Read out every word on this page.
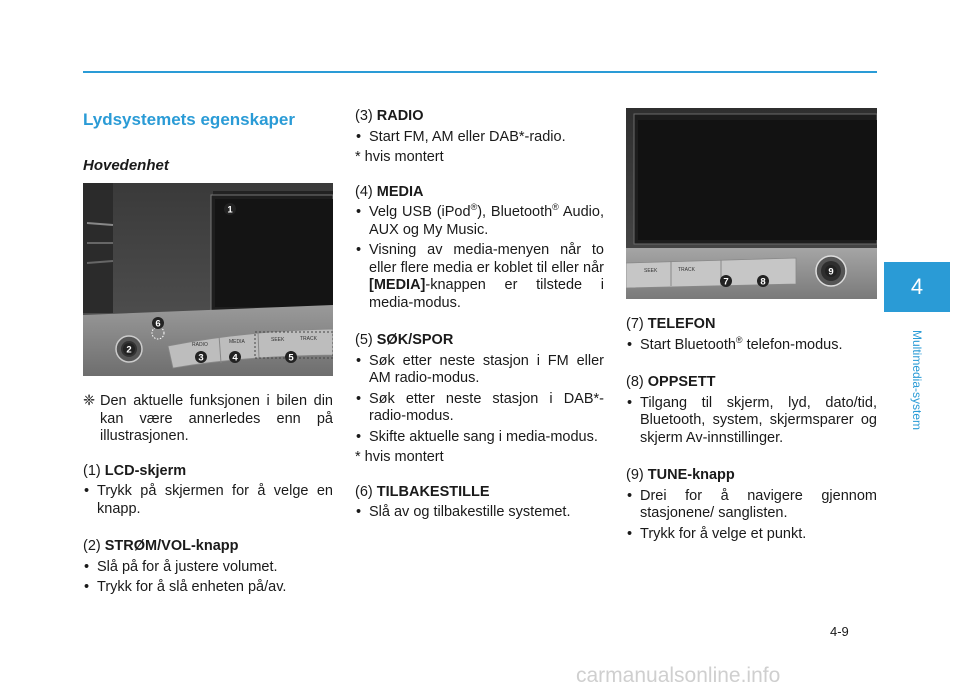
4
Multimedia-system
Lydsystemets egenskaper
Hovedenhet
RADIO	MEDIA	SEEK	TRACK
1
2
3	4	5
6
❈ Den aktuelle funksjonen i bilen din kan være annerledes enn på illustrasjonen.
(1) LCD-skjerm
• Trykk på skjermen for å velge en knapp.
(2) STRØM/VOL-knapp
• Slå på for å justere volumet.
• Trykk for å slå enheten på/av.
(3) RADIO
• Start FM, AM eller DAB*-radio.

* hvis montert

(4) MEDIA
• Velg USB (iPod®), Bluetooth® Audio, AUX og My Music.
• Visning av media-menyen når to eller flere media er koblet til eller når [MEDIA]-knappen er tilstede i media-modus.
(5) SØK/SPOR
• Søk etter neste stasjon i FM eller AM radio-modus.
• Søk etter neste stasjon i DAB*-radio-modus.
• Skifte aktuelle sang i media-modus.

* hvis montert

(6) TILBAKESTILLE
• Slå av og tilbakestille systemet.
SEEK	TRACK
7	8
9
(7) TELEFON
• Start Bluetooth® telefon-modus.
(8) OPPSETT
• Tilgang til skjerm, lyd, dato/tid, Bluetooth, system, skjermsparer og skjerm Av-innstillinger.
(9) TUNE-knapp
• Drei for å navigere gjennom stasjonene/ sanglisten.
• Trykk for å velge et punkt.
4-9
carmanualsonline.info
